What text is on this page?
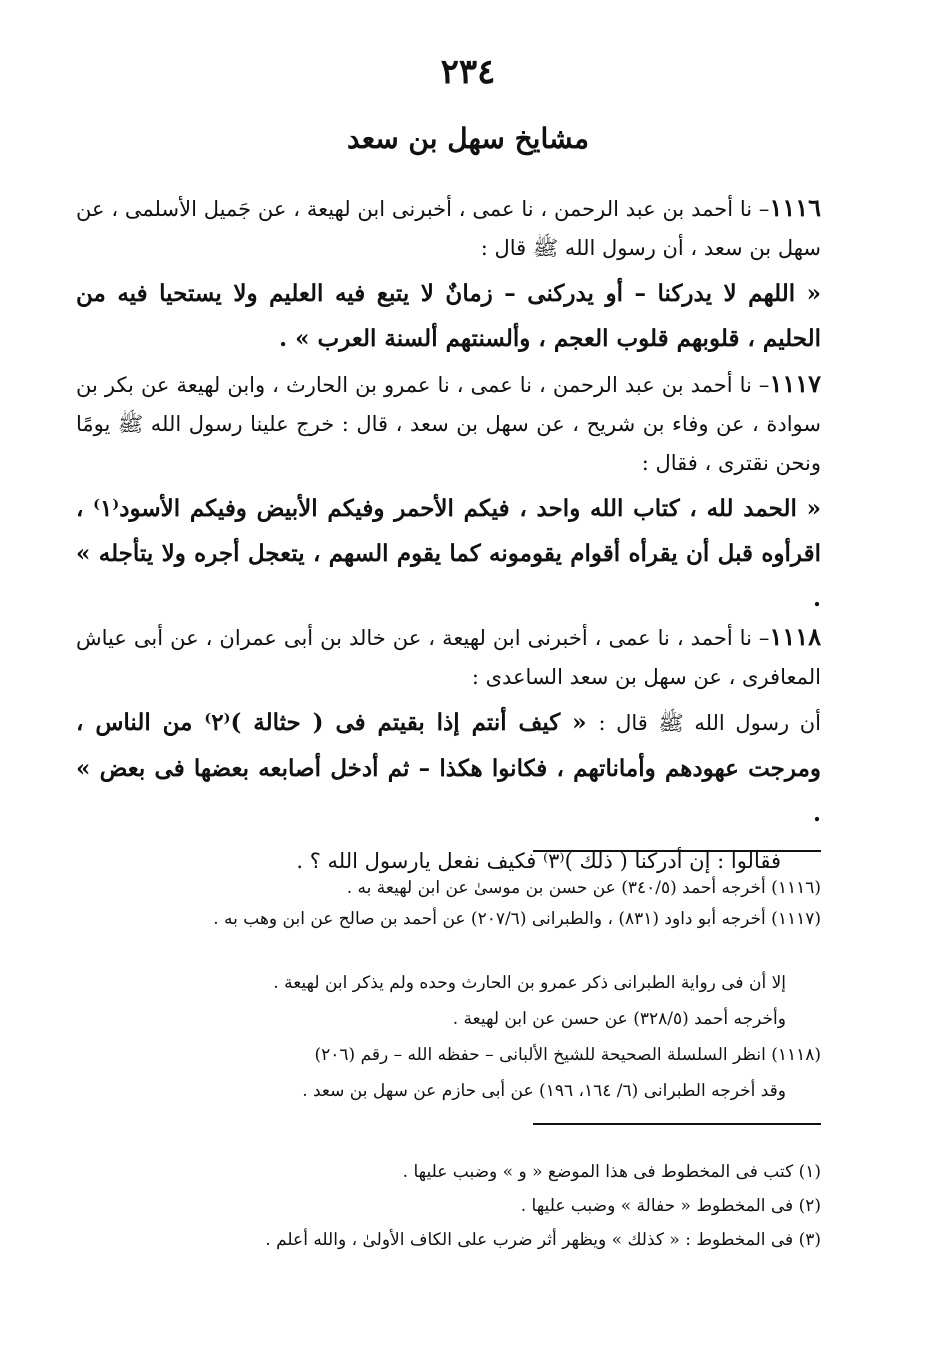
٢٣٤
مشايخ سهل بن سعد
١١١٦– نا أحمد بن عبد الرحمن ، نا عمى ، أخبرنى ابن لهيعة ، عن جَميل الأسلمى ، عن سهل بن سعد ، أن رسول الله ﷺ قال :
« اللهم لا يدركنا – أو يدركنى – زمانٌ لا يتبع فيه العليم ولا يستحيا فيه من الحليم ، قلوبهم قلوب العجم ، وألسنتهم ألسنة العرب » .
١١١٧– نا أحمد بن عبد الرحمن ، نا عمى ، نا عمرو بن الحارث ، وابن لهيعة عن بكر بن سوادة ، عن وفاء بن شريح ، عن سهل بن سعد ، قال : خرج علينا رسول الله ﷺ يومًا ونحن نقترى ، فقال :
« الحمد لله ، كتاب الله واحد ، فيكم الأحمر وفيكم الأبيض وفيكم الأسود⁽١⁾ ، اقرأوه قبل أن يقرأه أقوام يقومونه كما يقوم السهم ، يتعجل أجره ولا يتأجله » .
١١١٨– نا أحمد ، نا عمى ، أخبرنى ابن لهيعة ، عن خالد بن أبى عمران ، عن أبى عياش المعافرى ، عن سهل بن سعد الساعدى :
أن رسول الله ﷺ قال : « كيف أنتم إذا بقيتم فى ( حثالة )⁽٢⁾ من الناس ، ومرجت عهودهم وأماناتهم ، فكانوا هكذا – ثم أدخل أصابعه بعضها فى بعض » .
فقالوا : إن أدركنا ( ذلك )⁽٣⁾ فكيف نفعل يارسول الله ؟ .
(١١١٦) أخرجه أحمد (٣٤٠/٥) عن حسن بن موسىٰ عن ابن لهيعة به .
(١١١٧) أخرجه أبو داود (٨٣١) ، والطبرانى (٢٠٧/٦) عن أحمد بن صالح عن ابن وهب به .
إلا أن فى رواية الطبرانى ذكر عمرو بن الحارث وحده ولم يذكر ابن لهيعة .
وأخرجه أحمد (٣٢٨/٥) عن حسن عن ابن لهيعة .
(١١١٨) انظر السلسلة الصحيحة للشيخ الألبانى – حفظه الله – رقم (٢٠٦)
وقد أخرجه الطبرانى (٦/ ١٦٤، ١٩٦) عن أبى حازم عن سهل بن سعد .
(١) كتب فى المخطوط فى هذا الموضع « و » وضبب عليها .
(٢) فى المخطوط « حفالة » وضبب عليها .
(٣) فى المخطوط : « كذلك » ويظهر أثر ضرب على الكاف الأولىٰ ، والله أعلم .
